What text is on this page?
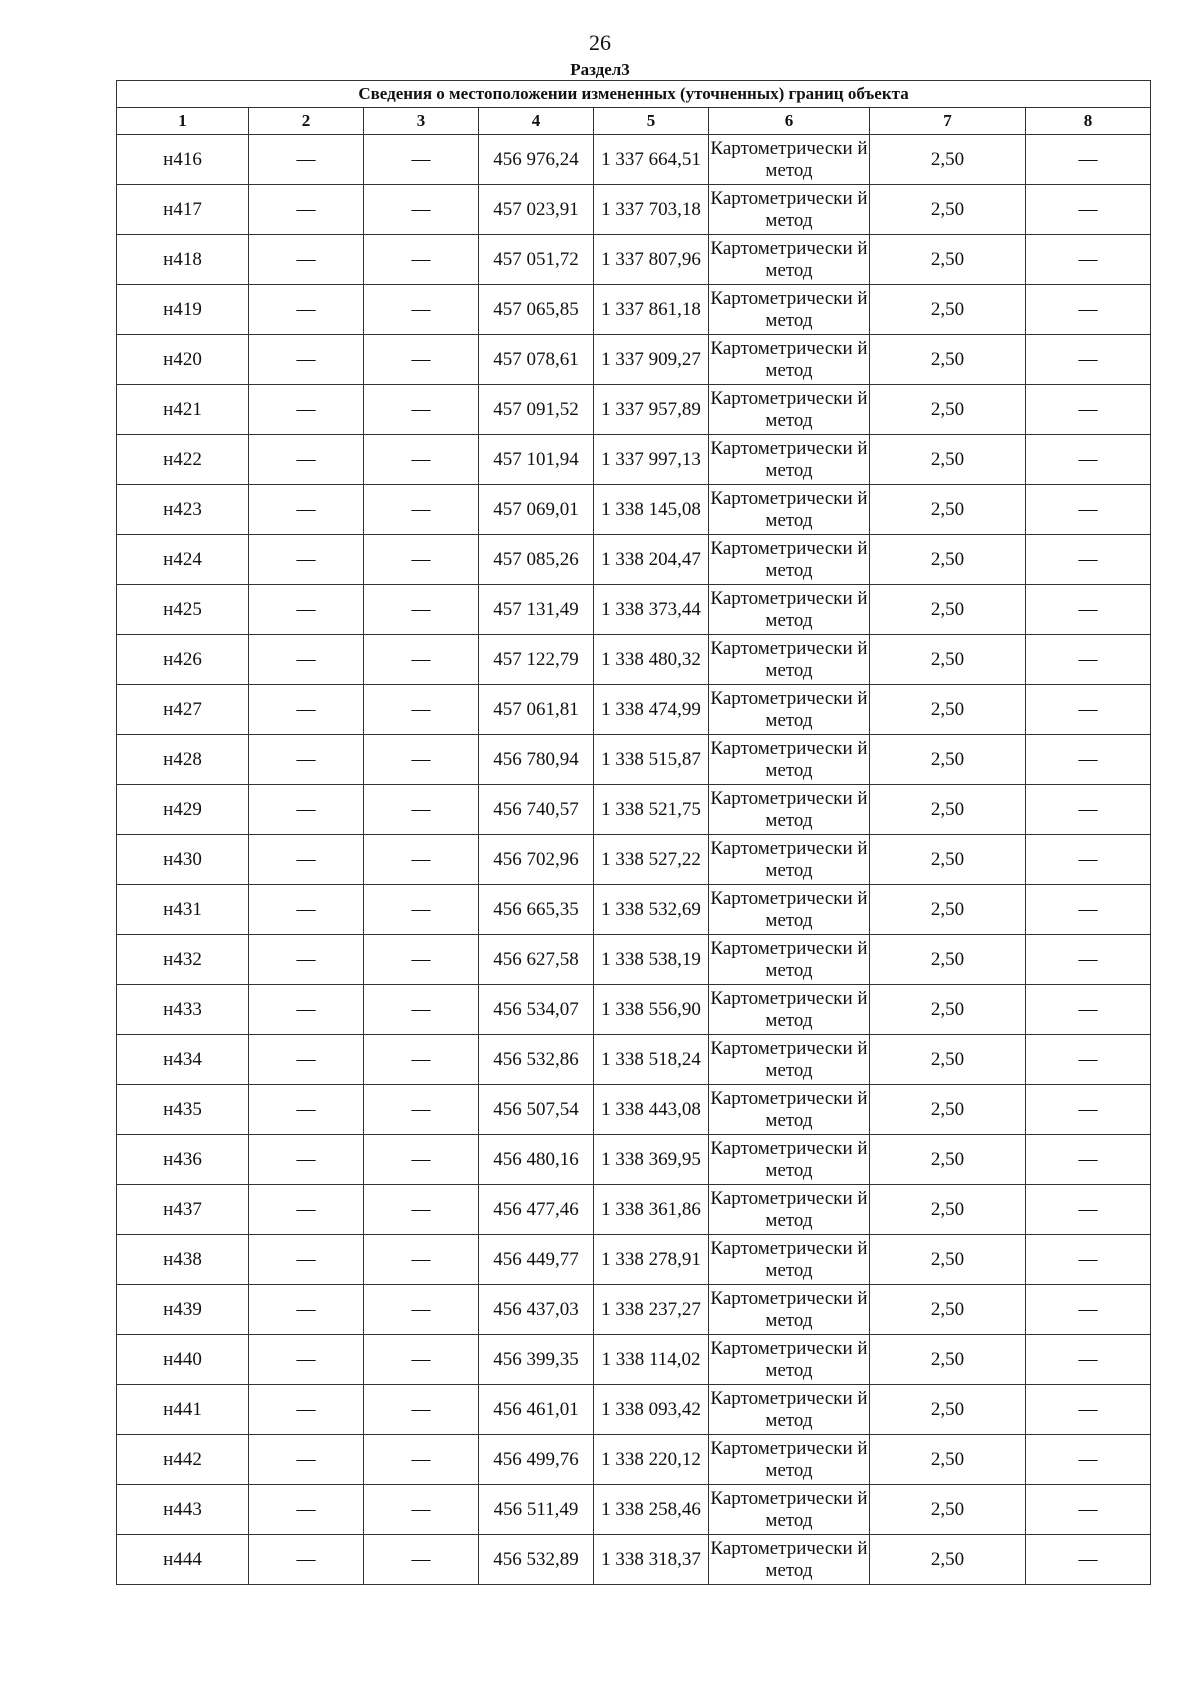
26
Раздел3
Сведения о местоположении измененных (уточненных) границ объекта							
1	2	3	4	5	6	7	8
н416	—	—	456 976,24	1 337 664,51	Картометрически й метод	2,50	—
н417	—	—	457 023,91	1 337 703,18	Картометрически й метод	2,50	—
н418	—	—	457 051,72	1 337 807,96	Картометрически й метод	2,50	—
н419	—	—	457 065,85	1 337 861,18	Картометрически й метод	2,50	—
н420	—	—	457 078,61	1 337 909,27	Картометрически й метод	2,50	—
н421	—	—	457 091,52	1 337 957,89	Картометрически й метод	2,50	—
н422	—	—	457 101,94	1 337 997,13	Картометрически й метод	2,50	—
н423	—	—	457 069,01	1 338 145,08	Картометрически й метод	2,50	—
н424	—	—	457 085,26	1 338 204,47	Картометрически й метод	2,50	—
н425	—	—	457 131,49	1 338 373,44	Картометрически й метод	2,50	—
н426	—	—	457 122,79	1 338 480,32	Картометрически й метод	2,50	—
н427	—	—	457 061,81	1 338 474,99	Картометрически й метод	2,50	—
н428	—	—	456 780,94	1 338 515,87	Картометрически й метод	2,50	—
н429	—	—	456 740,57	1 338 521,75	Картометрически й метод	2,50	—
н430	—	—	456 702,96	1 338 527,22	Картометрически й метод	2,50	—
н431	—	—	456 665,35	1 338 532,69	Картометрически й метод	2,50	—
н432	—	—	456 627,58	1 338 538,19	Картометрически й метод	2,50	—
н433	—	—	456 534,07	1 338 556,90	Картометрически й метод	2,50	—
н434	—	—	456 532,86	1 338 518,24	Картометрически й метод	2,50	—
н435	—	—	456 507,54	1 338 443,08	Картометрически й метод	2,50	—
н436	—	—	456 480,16	1 338 369,95	Картометрически й метод	2,50	—
н437	—	—	456 477,46	1 338 361,86	Картометрически й метод	2,50	—
н438	—	—	456 449,77	1 338 278,91	Картометрически й метод	2,50	—
н439	—	—	456 437,03	1 338 237,27	Картометрически й метод	2,50	—
н440	—	—	456 399,35	1 338 114,02	Картометрически й метод	2,50	—
н441	—	—	456 461,01	1 338 093,42	Картометрически й метод	2,50	—
н442	—	—	456 499,76	1 338 220,12	Картометрически й метод	2,50	—
н443	—	—	456 511,49	1 338 258,46	Картометрически й метод	2,50	—
н444	—	—	456 532,89	1 338 318,37	Картометрически й метод	2,50	—
